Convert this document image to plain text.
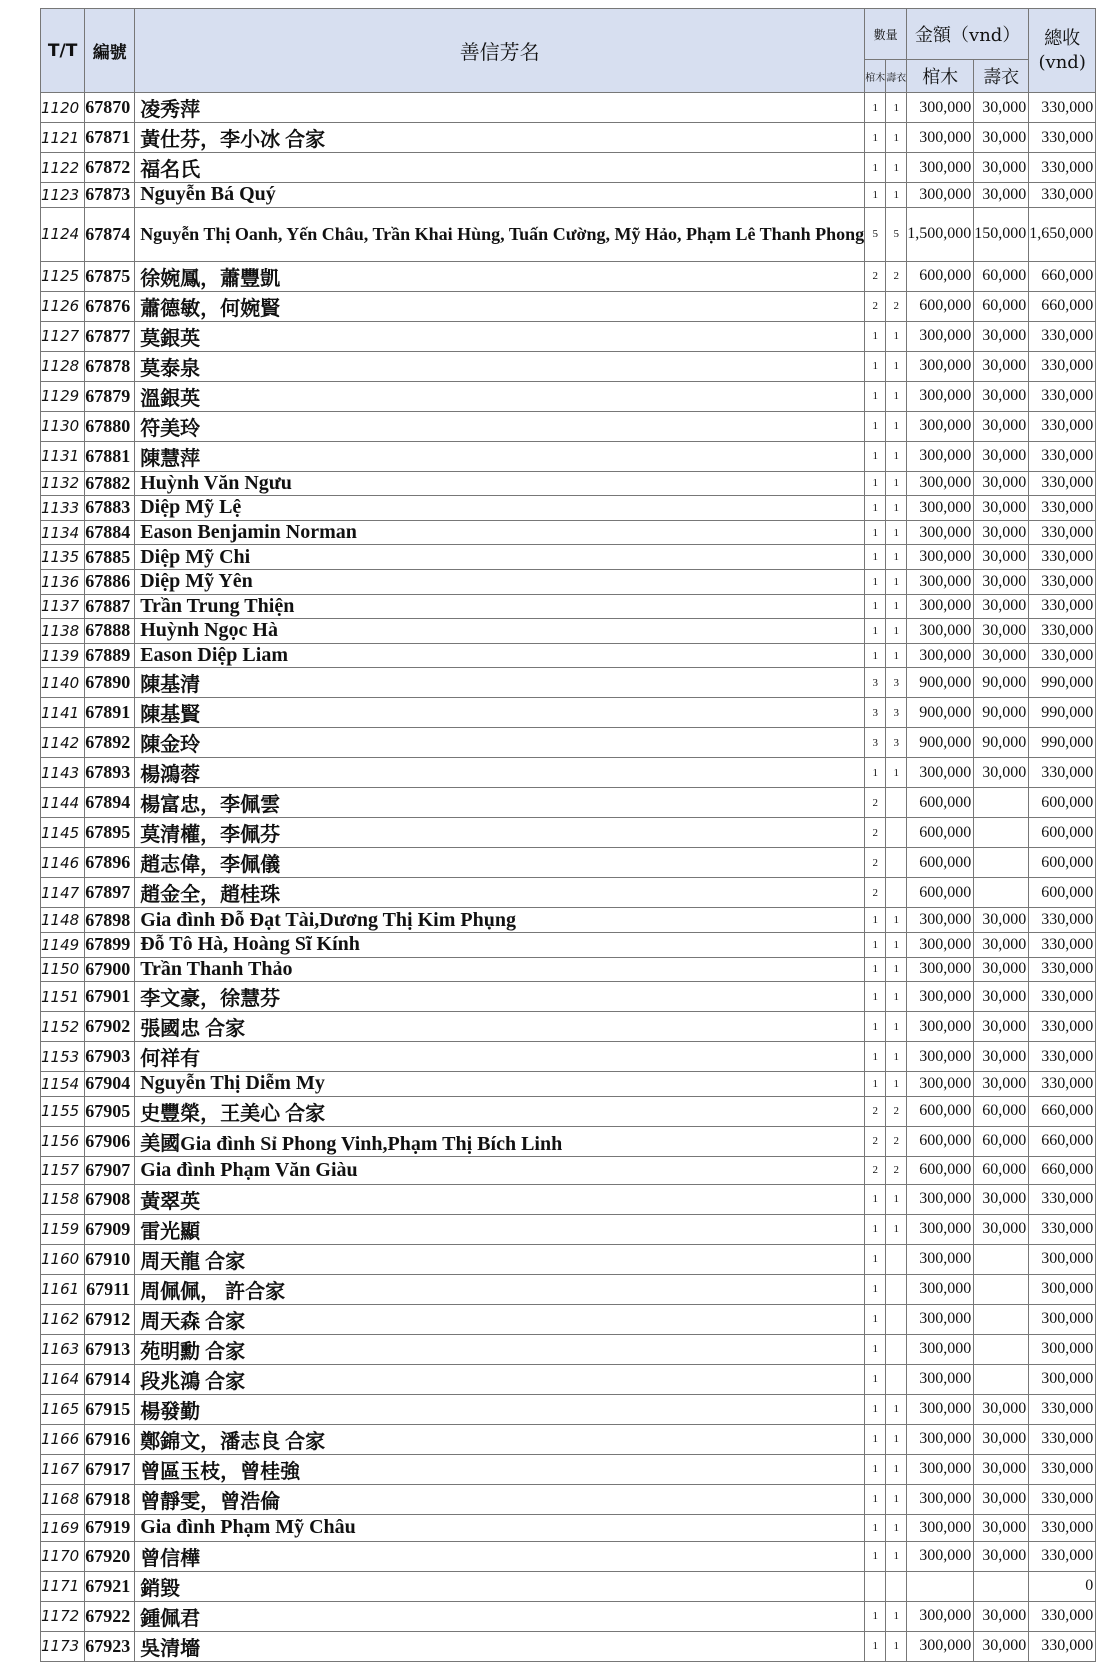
T/T	編號	善信芳名	數量		金額（vnd）		總收
(vnd)

			棺木	壽衣	棺木	壽衣	
1120	67870	凌秀萍	1	1	300,000	30,000	330,000
1121	67871	黃仕芬，李小冰 合家	1	1	300,000	30,000	330,000
1122	67872	福名氏	1	1	300,000	30,000	330,000
1123	67873	Nguyễn Bá Quý	1	1	300,000	30,000	330,000
1124	67874	Nguyễn Thị Oanh, Yến Châu, Trần Khai Hùng, Tuấn Cường, Mỹ Hảo, Phạm Lê Thanh Phong	5	5	1,500,000	150,000	1,650,000
1125	67875	徐婉鳳，蕭豐凱	2	2	600,000	60,000	660,000
1126	67876	蕭德敏，何婉賢	2	2	600,000	60,000	660,000
1127	67877	莫銀英	1	1	300,000	30,000	330,000
1128	67878	莫泰泉	1	1	300,000	30,000	330,000
1129	67879	溫銀英	1	1	300,000	30,000	330,000
1130	67880	符美玲	1	1	300,000	30,000	330,000
1131	67881	陳慧萍	1	1	300,000	30,000	330,000
1132	67882	Huỳnh Văn Ngưu	1	1	300,000	30,000	330,000
1133	67883	Diệp Mỹ Lệ	1	1	300,000	30,000	330,000
1134	67884	Eason Benjamin Norman	1	1	300,000	30,000	330,000
1135	67885	Diệp Mỹ Chi	1	1	300,000	30,000	330,000
1136	67886	Diệp Mỹ Yên	1	1	300,000	30,000	330,000
1137	67887	Trần Trung Thiện	1	1	300,000	30,000	330,000
1138	67888	Huỳnh Ngọc Hà	1	1	300,000	30,000	330,000
1139	67889	Eason Diệp Liam	1	1	300,000	30,000	330,000
1140	67890	陳基清	3	3	900,000	90,000	990,000
1141	67891	陳基賢	3	3	900,000	90,000	990,000
1142	67892	陳金玲	3	3	900,000	90,000	990,000
1143	67893	楊鴻蓉	1	1	300,000	30,000	330,000
1144	67894	楊富忠，李佩雲	2		600,000		600,000
1145	67895	莫清權，李佩芬	2		600,000		600,000
1146	67896	趙志偉，李佩儀	2		600,000		600,000
1147	67897	趙金全，趙桂珠	2		600,000		600,000
1148	67898	Gia đình Đỗ Đạt Tài,Dương Thị Kim Phụng	1	1	300,000	30,000	330,000
1149	67899	Đỗ Tô Hà, Hoàng Sĩ Kính	1	1	300,000	30,000	330,000
1150	67900	Trần Thanh Thảo	1	1	300,000	30,000	330,000
1151	67901	李文豪，徐慧芬	1	1	300,000	30,000	330,000
1152	67902	張國忠 合家	1	1	300,000	30,000	330,000
1153	67903	何祥有	1	1	300,000	30,000	330,000
1154	67904	Nguyễn Thị Diễm My	1	1	300,000	30,000	330,000
1155	67905	史豐榮，王美心 合家	2	2	600,000	60,000	660,000
1156	67906	美國Gia đình Sỉ Phong Vinh,Phạm Thị Bích Linh	2	2	600,000	60,000	660,000
1157	67907	Gia đình Phạm Văn Giàu	2	2	600,000	60,000	660,000
1158	67908	黃翠英	1	1	300,000	30,000	330,000
1159	67909	雷光顯	1	1	300,000	30,000	330,000
1160	67910	周天龍 合家	1		300,000		300,000
1161	67911	周佩佩， 許合家	1		300,000		300,000
1162	67912	周天森 合家	1		300,000		300,000
1163	67913	苑明勳 合家	1		300,000		300,000
1164	67914	段兆鴻 合家	1		300,000		300,000
1165	67915	楊發勤	1	1	300,000	30,000	330,000
1166	67916	鄭錦文，潘志良 合家	1	1	300,000	30,000	330,000
1167	67917	曾區玉枝，曾桂強	1	1	300,000	30,000	330,000
1168	67918	曾靜雯，曾浩倫	1	1	300,000	30,000	330,000
1169	67919	Gia đình Phạm Mỹ Châu	1	1	300,000	30,000	330,000
1170	67920	曾信樺	1	1	300,000	30,000	330,000
1171	67921	銷毀					0
1172	67922	鍾佩君	1	1	300,000	30,000	330,000
1173	67923	吳清墻	1	1	300,000	30,000	330,000
